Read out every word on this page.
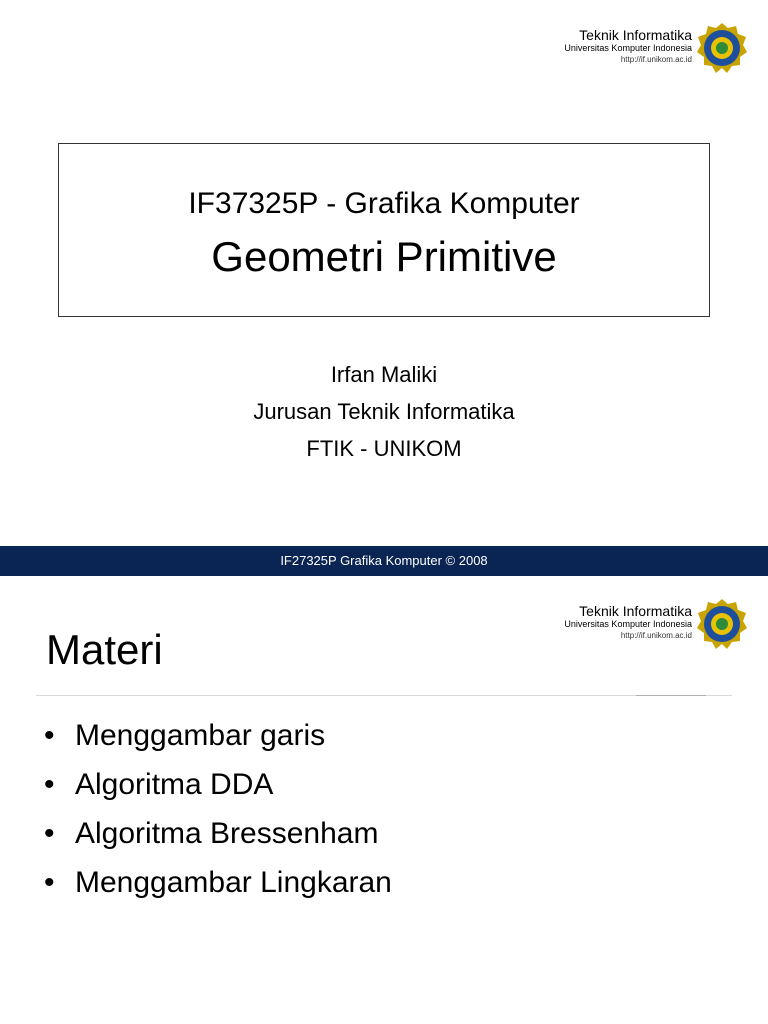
Teknik Informatika
Universitas Komputer Indonesia
http://if.unikom.ac.id
IF37325P - Grafika Komputer
Geometri Primitive
Irfan Maliki
Jurusan Teknik Informatika
FTIK - UNIKOM
IF27325P Grafika Komputer © 2008
Teknik Informatika
Universitas Komputer Indonesia
http://if.unikom.ac.id
Materi
• Menggambar garis
• Algoritma DDA
• Algoritma Bressenham
• Menggambar Lingkaran
